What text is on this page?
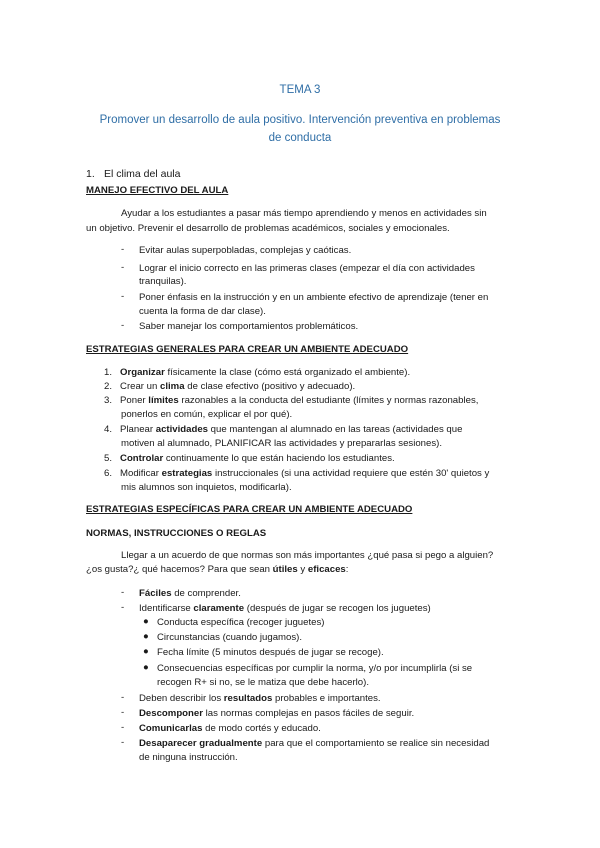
TEMA 3
Promover un desarrollo de aula positivo. Intervención preventiva en problemas
de conducta
1. El clima del aula
MANEJO EFECTIVO DEL AULA
Ayudar a los estudiantes a pasar más tiempo aprendiendo y menos en actividades sin
un objetivo. Prevenir el desarrollo de problemas académicos, sociales y emocionales.
- Evitar aulas superpobladas, complejas y caóticas.
- Lograr el inicio correcto en las primeras clases (empezar el día con actividades
tranquilas).
- Poner énfasis en la instrucción y en un ambiente efectivo de aprendizaje (tener en
cuenta la forma de dar clase).
- Saber manejar los comportamientos problemáticos.
ESTRATEGIAS GENERALES PARA CREAR UN AMBIENTE ADECUADO
1. Organizar físicamente la clase (cómo está organizado el ambiente).
2. Crear un clima de clase efectivo (positivo y adecuado).
3. Poner límites razonables a la conducta del estudiante (límites y normas razonables,
ponerlos en común, explicar el por qué).
4. Planear actividades que mantengan al alumnado en las tareas (actividades que
motiven al alumnado, PLANIFICAR las actividades y prepararlas sesiones).
5. Controlar continuamente lo que están haciendo los estudiantes.
6. Modificar estrategias instruccionales (si una actividad requiere que estén 30' quietos y
mis alumnos son inquietos, modificarla).
ESTRATEGIAS ESPECÍFICAS PARA CREAR UN AMBIENTE ADECUADO
NORMAS, INSTRUCCIONES O REGLAS
Llegar a un acuerdo de que normas son más importantes ¿qué pasa si pego a alguien?
¿os gusta?¿ qué hacemos? Para que sean útiles y eficaces:
- Fáciles de comprender.
- Identificarse claramente (después de jugar se recogen los juguetes)
● Conducta específica (recoger juguetes)
● Circunstancias (cuando jugamos).
● Fecha límite (5 minutos después de jugar se recoge).
● Consecuencias específicas por cumplir la norma, y/o por incumplirla (si se
recogen R+ si no, se le matiza que debe hacerlo).
- Deben describir los resultados probables e importantes.
- Descomponer las normas complejas en pasos fáciles de seguir.
- Comunicarlas de modo cortés y educado.
- Desaparecer gradualmente para que el comportamiento se realice sin necesidad
de ninguna instrucción.
